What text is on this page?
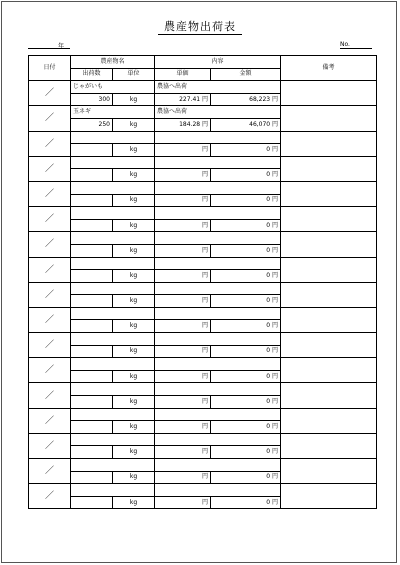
農産物出荷表
年	No.
日付	農産物名		内容		備考
	出荷数	単位	単価	金額	
／	じゃがいも		農協へ出荷		
	300	kg	227.41 円	68,223 円	
／	玉ネギ		農協へ出荷		
	250	kg	184.28 円	46,070 円	
／					
		kg	円	0 円	
／					
		kg	円	0 円	
／					
		kg	円	0 円	
／					
		kg	円	0 円	
／					
		kg	円	0 円	
／					
		kg	円	0 円	
／					
		kg	円	0 円	
／					
		kg	円	0 円	
／					
		kg	円	0 円	
／					
		kg	円	0 円	
／					
		kg	円	0 円	
／					
		kg	円	0 円	
／					
		kg	円	0 円	
／					
		kg	円	0 円	
／					
		kg	円	0 円	
